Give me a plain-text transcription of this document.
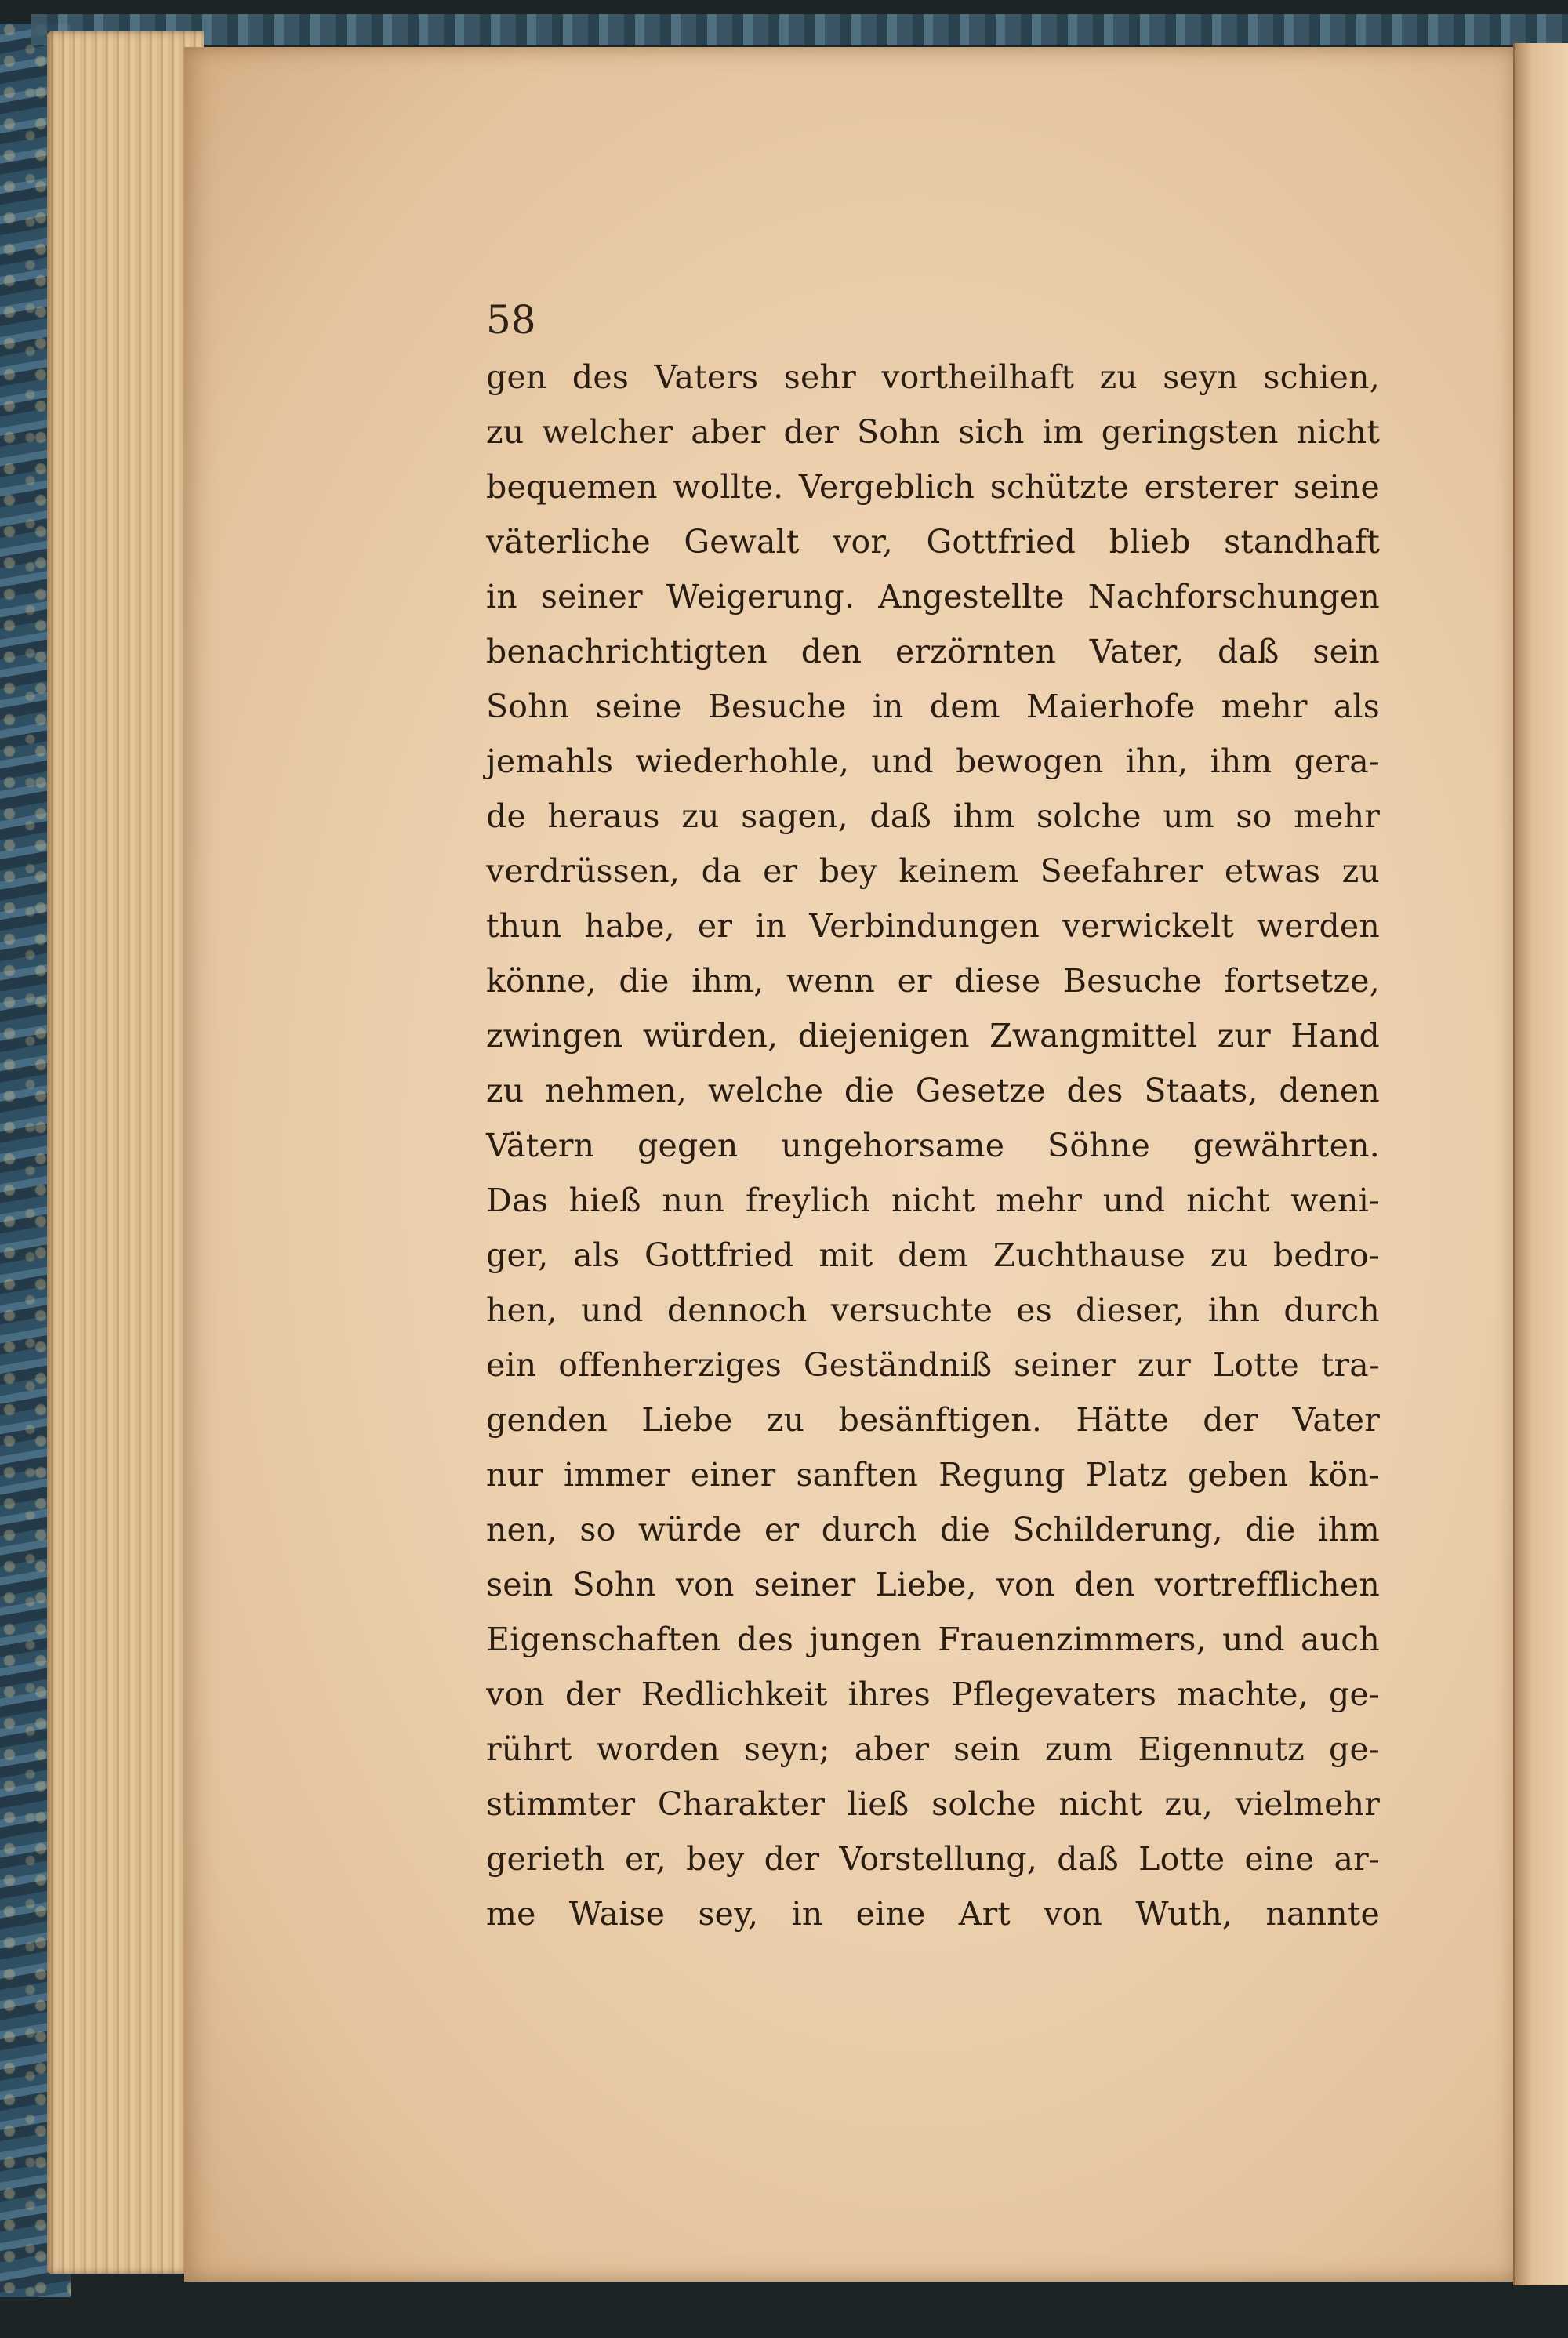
58
gen des Vaters sehr vortheilhaft zu seyn schien,
zu welcher aber der Sohn sich im geringsten nicht
bequemen wollte. Vergeblich schützte ersterer seine
väterliche Gewalt vor, Gottfried blieb standhaft
in seiner Weigerung. Angestellte Nachforschungen
benachrichtigten den erzörnten Vater, daß sein
Sohn seine Besuche in dem Maierhofe mehr als
jemahls wiederhohle, und bewogen ihn, ihm gera-
de heraus zu sagen, daß ihm solche um so mehr
verdrüssen, da er bey keinem Seefahrer etwas zu
thun habe, er in Verbindungen verwickelt werden
könne, die ihm, wenn er diese Besuche fortsetze,
zwingen würden, diejenigen Zwangmittel zur Hand
zu nehmen, welche die Gesetze des Staats, denen
Vätern gegen ungehorsame Söhne gewährten.
Das hieß nun freylich nicht mehr und nicht weni-
ger, als Gottfried mit dem Zuchthause zu bedro-
hen, und dennoch versuchte es dieser, ihn durch
ein offenherziges Geständniß seiner zur Lotte tra-
genden Liebe zu besänftigen. Hätte der Vater
nur immer einer sanften Regung Platz geben kön-
nen, so würde er durch die Schilderung, die ihm
sein Sohn von seiner Liebe, von den vortrefflichen
Eigenschaften des jungen Frauenzimmers, und auch
von der Redlichkeit ihres Pflegevaters machte, ge-
rührt worden seyn; aber sein zum Eigennutz ge-
stimmter Charakter ließ solche nicht zu, vielmehr
gerieth er, bey der Vorstellung, daß Lotte eine ar-
me Waise sey, in eine Art von Wuth, nannte
